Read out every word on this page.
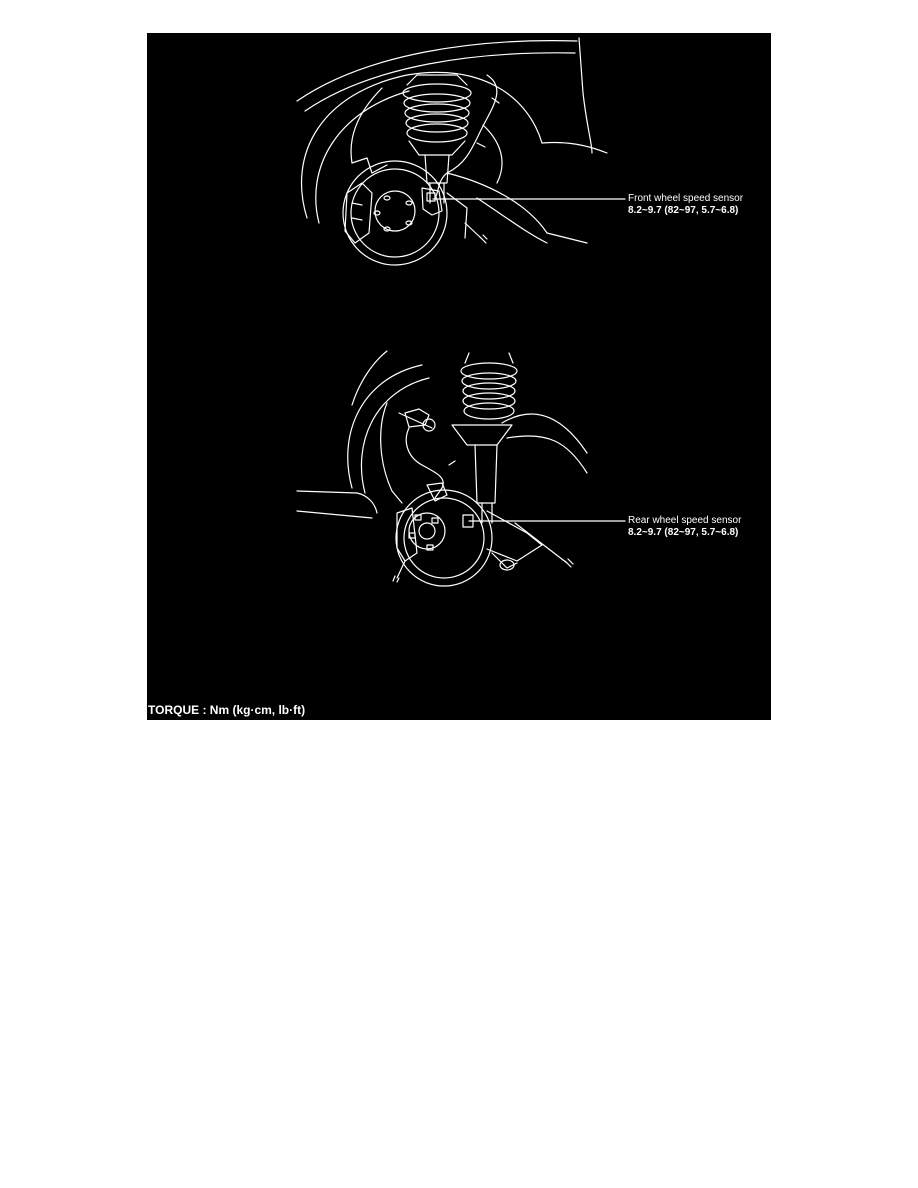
Front wheel speed sensor
8.2~9.7 (82~97, 5.7~6.8)
Rear wheel speed sensor
8.2~9.7 (82~97, 5.7~6.8)
TORQUE : Nm (kg·cm, lb·ft)
